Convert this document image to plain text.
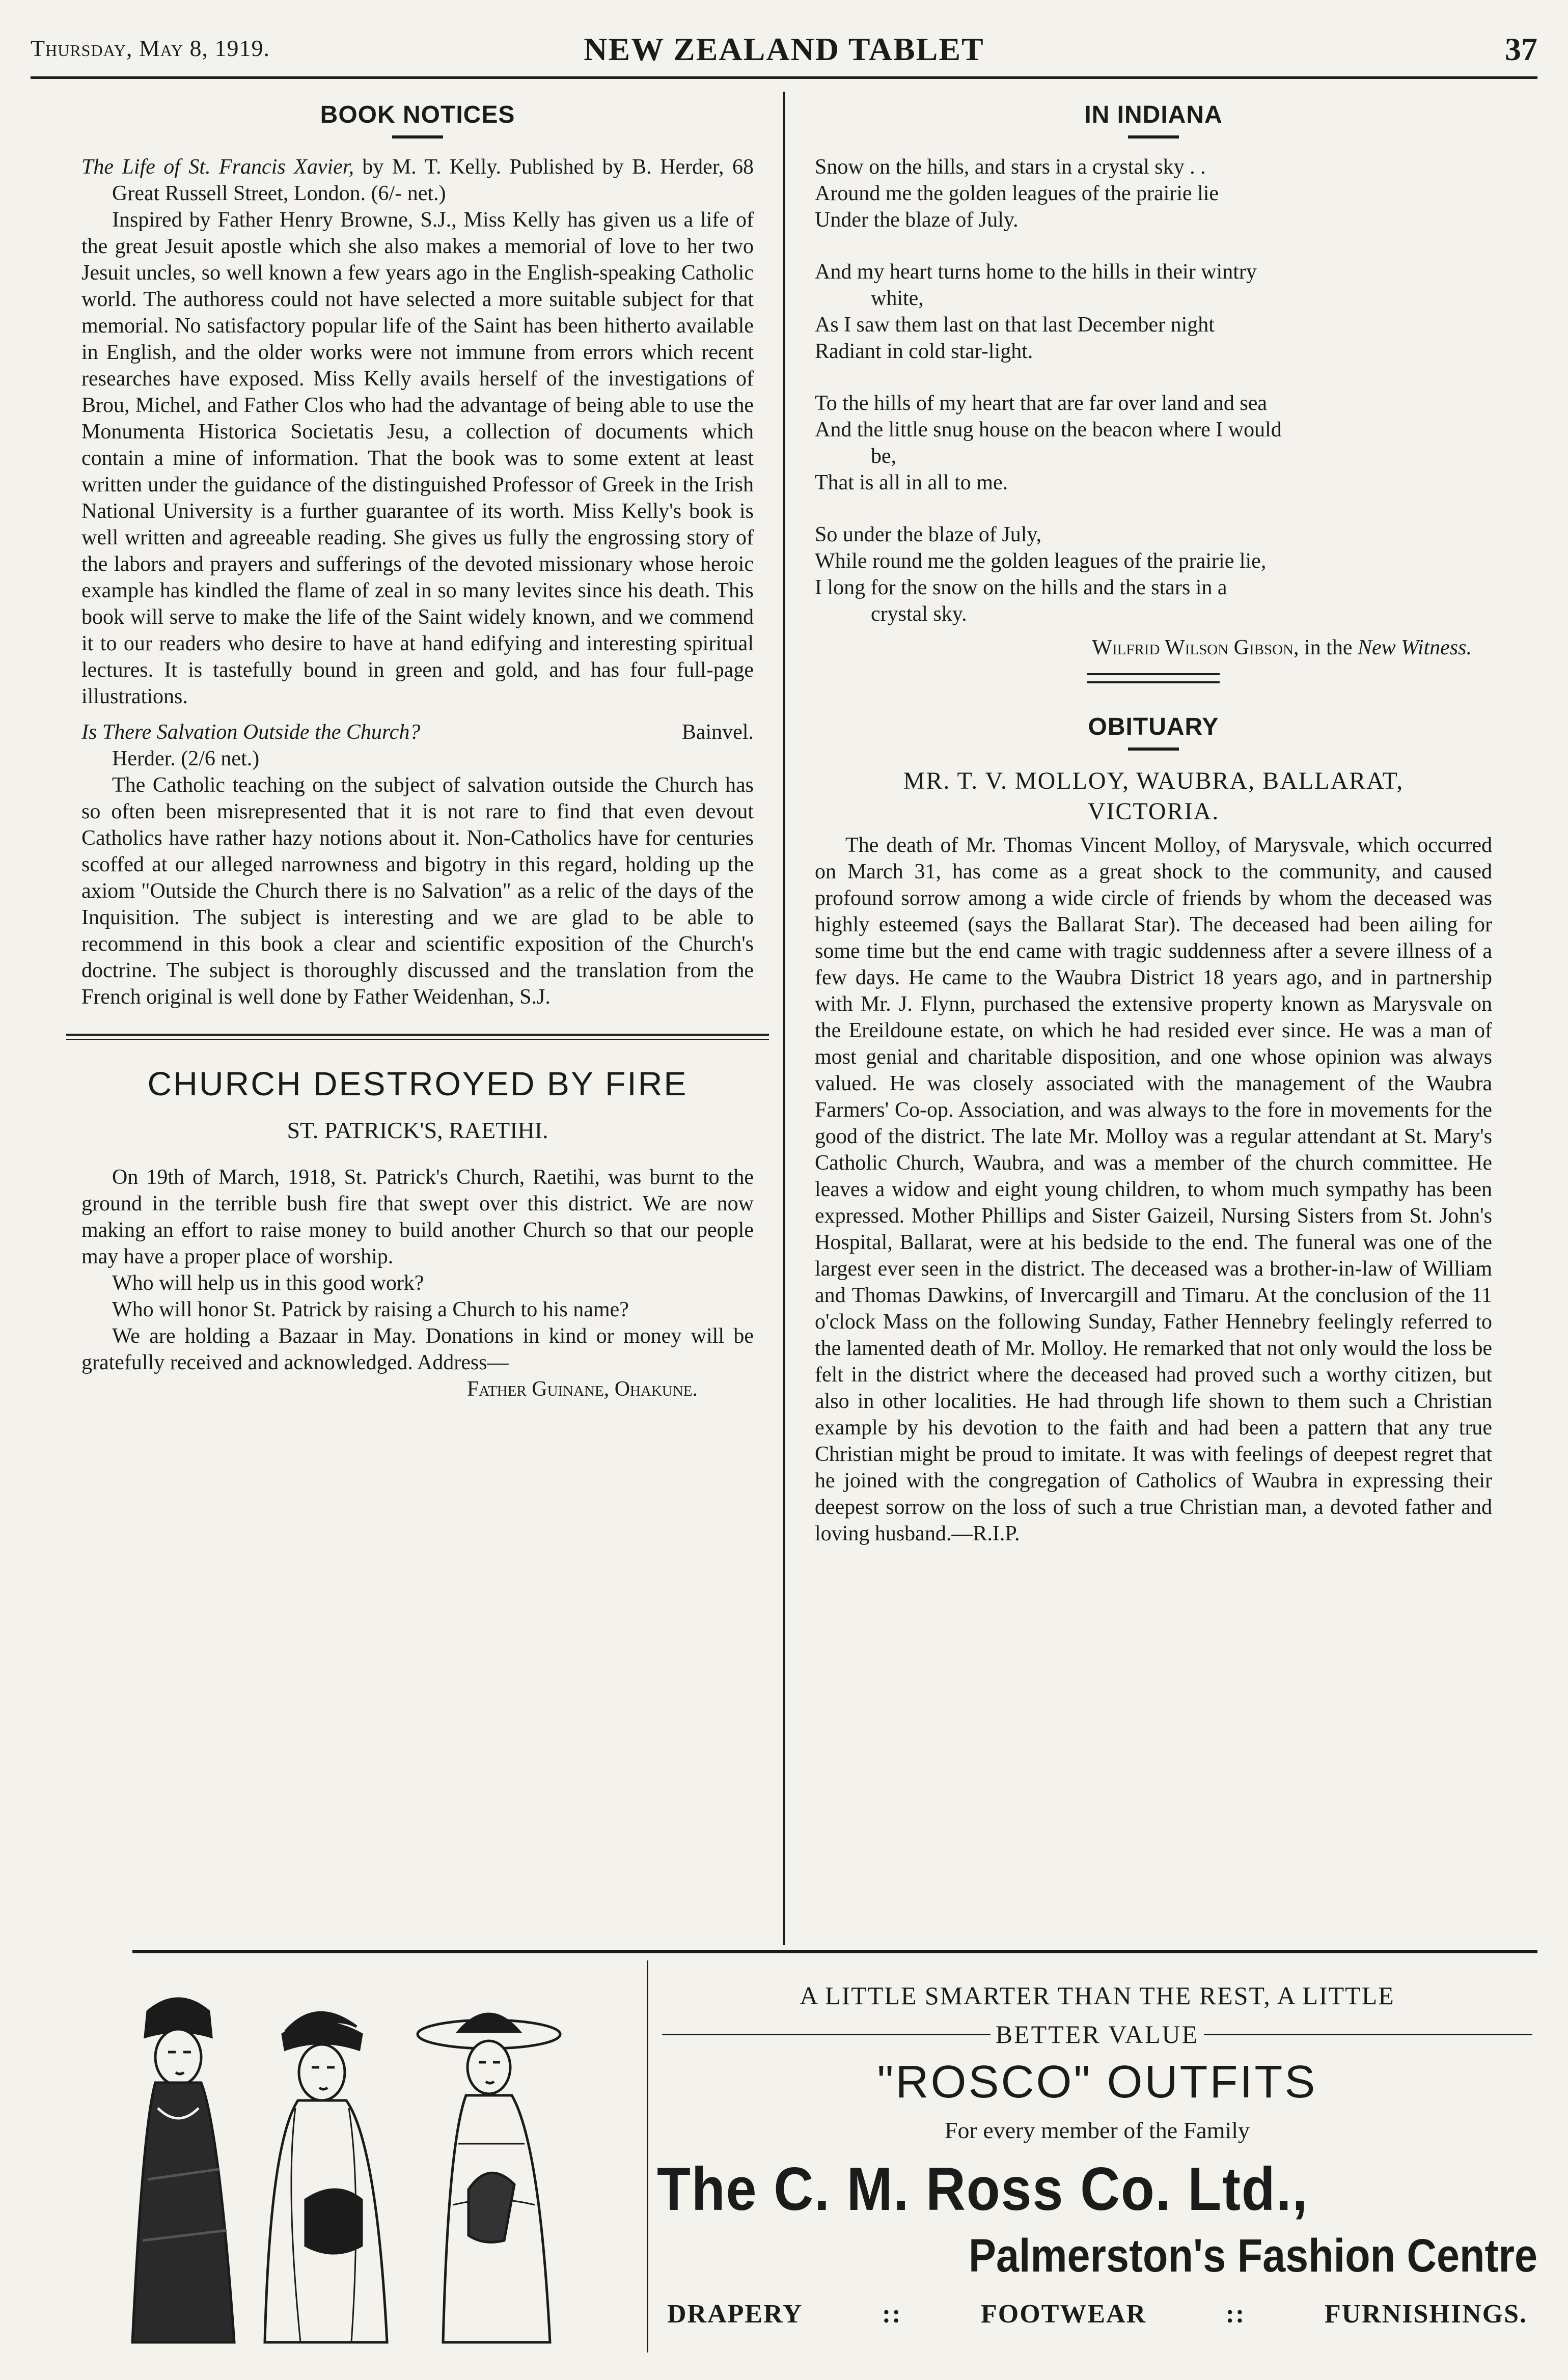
Thursday, May 8, 1919.	NEW ZEALAND TABLET	37
BOOK NOTICES

The Life of St. Francis Xavier, by M. T. Kelly. Published by B. Herder, 68 Great Russell Street, London. (6/- net.)

Inspired by Father Henry Browne, S.J., Miss Kelly has given us a life of the great Jesuit apostle which she also makes a memorial of love to her two Jesuit uncles, so well known a few years ago in the English-speaking Catholic world. The authoress could not have selected a more suitable subject for that memorial. No satisfactory popular life of the Saint has been hitherto available in English, and the older works were not immune from errors which recent researches have exposed. Miss Kelly avails herself of the investigations of Brou, Michel, and Father Clos who had the advantage of being able to use the Monumenta Historica Societatis Jesu, a collection of documents which contain a mine of information. That the book was to some extent at least written under the guidance of the distinguished Professor of Greek in the Irish National University is a further guarantee of its worth. Miss Kelly's book is well written and agreeable reading. She gives us fully the engrossing story of the labors and prayers and sufferings of the devoted missionary whose heroic example has kindled the flame of zeal in so many levites since his death. This book will serve to make the life of the Saint widely known, and we commend it to our readers who desire to have at hand edifying and interesting spiritual lectures. It is tastefully bound in green and gold, and has four full-page illustrations.

Is There Salvation Outside the Church?	Bainvel.

Herder. (2/6 net.)

The Catholic teaching on the subject of salvation outside the Church has so often been misrepresented that it is not rare to find that even devout Catholics have rather hazy notions about it. Non-Catholics have for centuries scoffed at our alleged narrowness and bigotry in this regard, holding up the axiom "Outside the Church there is no Salvation" as a relic of the days of the Inquisition. The subject is interesting and we are glad to be able to recommend in this book a clear and scientific exposition of the Church's doctrine. The subject is thoroughly discussed and the translation from the French original is well done by Father Weidenhan, S.J.

CHURCH DESTROYED BY FIRE
ST. PATRICK'S, RAETIHI.

On 19th of March, 1918, St. Patrick's Church, Raetihi, was burnt to the ground in the terrible bush fire that swept over this district. We are now making an effort to raise money to build another Church so that our people may have a proper place of worship.

Who will help us in this good work?

Who will honor St. Patrick by raising a Church to his name?

We are holding a Bazaar in May. Donations in kind or money will be gratefully received and acknowledged. Address—

Father Guinane, Ohakune.
IN INDIANA

Snow on the hills, and stars in a crystal sky . .

Around me the golden leagues of the prairie lie

Under the blaze of July.

And my heart turns home to the hills in their wintry

white,

As I saw them last on that last December night

Radiant in cold star-light.

To the hills of my heart that are far over land and sea

And the little snug house on the beacon where I would

be,

That is all in all to me.

So under the blaze of July,

While round me the golden leagues of the prairie lie,

I long for the snow on the hills and the stars in a

crystal sky.

Wilfrid Wilson Gibson, in the New Witness.
OBITUARY
MR. T. V. MOLLOY, WAUBRA, BALLARAT, VICTORIA.

The death of Mr. Thomas Vincent Molloy, of Marysvale, which occurred on March 31, has come as a great shock to the community, and caused profound sorrow among a wide circle of friends by whom the deceased was highly esteemed (says the Ballarat Star). The deceased had been ailing for some time but the end came with tragic suddenness after a severe illness of a few days. He came to the Waubra District 18 years ago, and in partnership with Mr. J. Flynn, purchased the extensive property known as Marysvale on the Ereildoune estate, on which he had resided ever since. He was a man of most genial and charitable disposition, and one whose opinion was always valued. He was closely associated with the management of the Waubra Farmers' Co-op. Association, and was always to the fore in movements for the good of the district. The late Mr. Molloy was a regular attendant at St. Mary's Catholic Church, Waubra, and was a member of the church committee. He leaves a widow and eight young children, to whom much sympathy has been expressed. Mother Phillips and Sister Gaizeil, Nursing Sisters from St. John's Hospital, Ballarat, were at his bedside to the end. The funeral was one of the largest ever seen in the district. The deceased was a brother-in-law of William and Thomas Dawkins, of Invercargill and Timaru. At the conclusion of the 11 o'clock Mass on the following Sunday, Father Hennebry feelingly referred to the lamented death of Mr. Molloy. He remarked that not only would the loss be felt in the district where the deceased had proved such a worthy citizen, but also in other localities. He had through life shown to them such a Christian example by his devotion to the faith and had been a pattern that any true Christian might be proud to imitate. It was with feelings of deepest regret that he joined with the congregation of Catholics of Waubra in expressing their deepest sorrow on the loss of such a true Christian man, a devoted father and loving husband.—R.I.P.

A LITTLE SMARTER THAN THE REST, A LITTLE
BETTER VALUE
"ROSCO" OUTFITS
For every member of the Family
The C. M. Ross Co. Ltd.,
Palmerston's Fashion Centre
DRAPERY	::	FOOTWEAR	::	FURNISHINGS.
